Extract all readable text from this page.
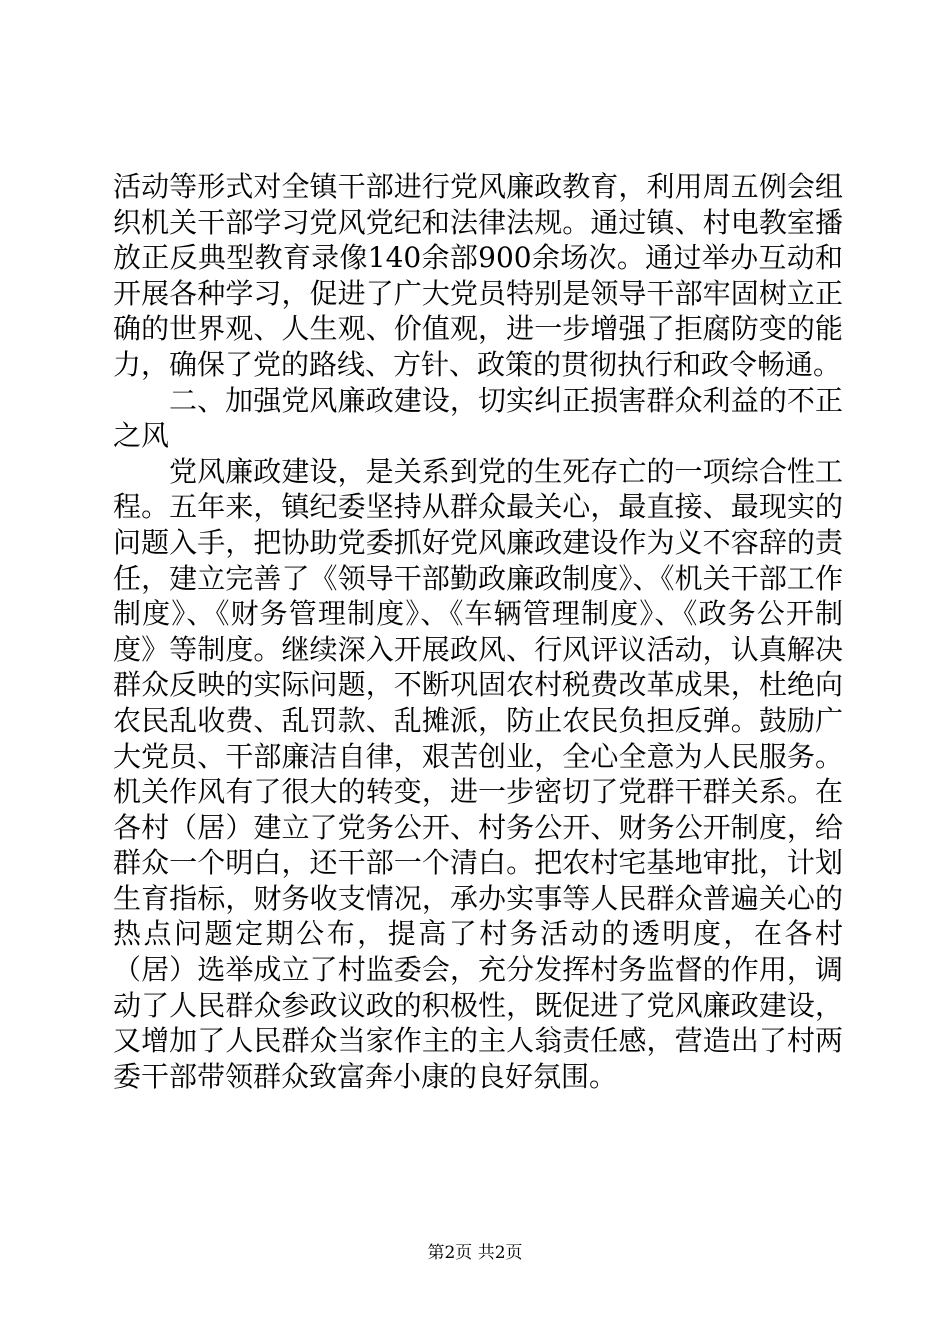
活动等形式对全镇干部进行党风廉政教育，利用周五例会组织机关干部学习党风党纪和法律法规。通过镇、村电教室播放正反典型教育录像140余部900余场次。通过举办互动和开展各种学习，促进了广大党员特别是领导干部牢固树立正确的世界观、人生观、价值观，进一步增强了拒腐防变的能力，确保了党的路线、方针、政策的贯彻执行和政令畅通。

二、加强党风廉政建设，切实纠正损害群众利益的不正之风

党风廉政建设，是关系到党的生死存亡的一项综合性工程。五年来，镇纪委坚持从群众最关心，最直接、最现实的问题入手，把协助党委抓好党风廉政建设作为义不容辞的责任，建立完善了《领导干部勤政廉政制度》、《机关干部工作制度》、《财务管理制度》、《车辆管理制度》、《政务公开制度》等制度。继续深入开展政风、行风评议活动，认真解决群众反映的实际问题，不断巩固农村税费改革成果，杜绝向农民乱收费、乱罚款、乱摊派，防止农民负担反弹。鼓励广大党员、干部廉洁自律，艰苦创业，全心全意为人民服务。机关作风有了很大的转变，进一步密切了党群干群关系。在各村（居）建立了党务公开、村务公开、财务公开制度，给群众一个明白，还干部一个清白。把农村宅基地审批，计划生育指标，财务收支情况，承办实事等人民群众普遍关心的热点问题定期公布，提高了村务活动的透明度，在各村（居）选举成立了村监委会，充分发挥村务监督的作用，调动了人民群众参政议政的积极性，既促进了党风廉政建设，又增加了人民群众当家作主的主人翁责任感，营造出了村两委干部带领群众致富奔小康的良好氛围。

第2页 共2页
